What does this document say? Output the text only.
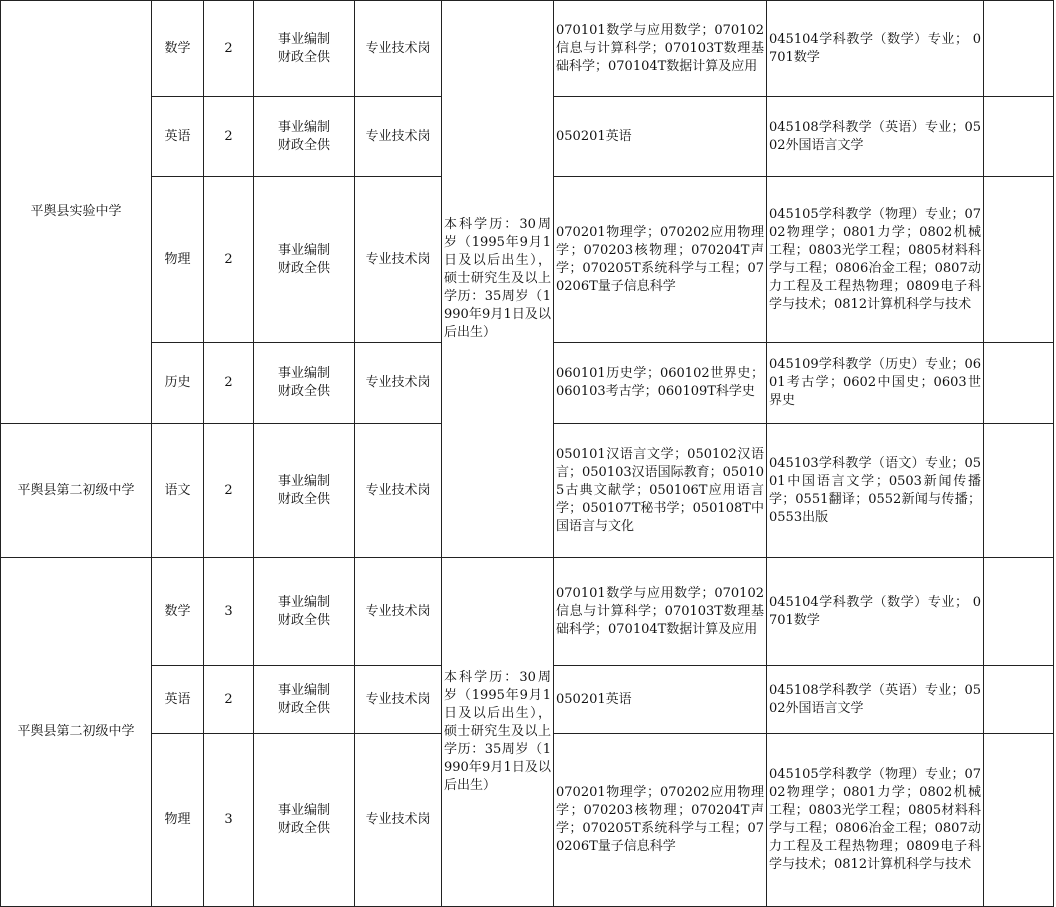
平舆县实验中学	数学	2	事业编制财政全供	专业技术岗	本科学历：30周岁（1995年9月1日及以后出生），硕士研究生及以上学历：35周岁（1990年9月1日及以后出生）	070101数学与应用数学；070102信息与计算科学；070103T数理基础科学；070104T数据计算及应用	045104学科教学（数学）专业； 0701数学	
	英语	2	事业编制财政全供	专业技术岗		050201英语	045108学科教学（英语）专业；0502外国语言文学	
	物理	2	事业编制财政全供	专业技术岗		070201物理学；070202应用物理学；070203核物理；070204T声学；070205T系统科学与工程；070206T量子信息科学	045105学科教学（物理）专业；0702物理学；0801力学；0802机械工程；0803光学工程；0805材料科学与工程；0806冶金工程；0807动力工程及工程热物理；0809电子科学与技术；0812计算机科学与技术	
	历史	2	事业编制财政全供	专业技术岗		060101历史学；060102世界史；060103考古学；060109T科学史	045109学科教学（历史）专业；0601考古学；0602中国史；0603世界史	
平舆县第二初级中学	语文	2	事业编制财政全供	专业技术岗		050101汉语言文学；050102汉语言；050103汉语国际教育；050105古典文献学；050106T应用语言学；050107T秘书学；050108T中国语言与文化	045103学科教学（语文）专业；0501中国语言文学；0503新闻传播学；0551翻译；0552新闻与传播；0553出版	
平舆县第二初级中学	数学	3	事业编制财政全供	专业技术岗	本科学历：30周岁（1995年9月1日及以后出生），硕士研究生及以上学历：35周岁（1990年9月1日及以后出生）	070101数学与应用数学；070102信息与计算科学；070103T数理基础科学；070104T数据计算及应用	045104学科教学（数学）专业； 0701数学	
	英语	2	事业编制财政全供	专业技术岗		050201英语	045108学科教学（英语）专业；0502外国语言文学	
	物理	3	事业编制财政全供	专业技术岗		070201物理学；070202应用物理学；070203核物理；070204T声学；070205T系统科学与工程；070206T量子信息科学	045105学科教学（物理）专业；0702物理学；0801力学；0802机械工程；0803光学工程；0805材料科学与工程；0806冶金工程；0807动力工程及工程热物理；0809电子科学与技术；0812计算机科学与技术	
